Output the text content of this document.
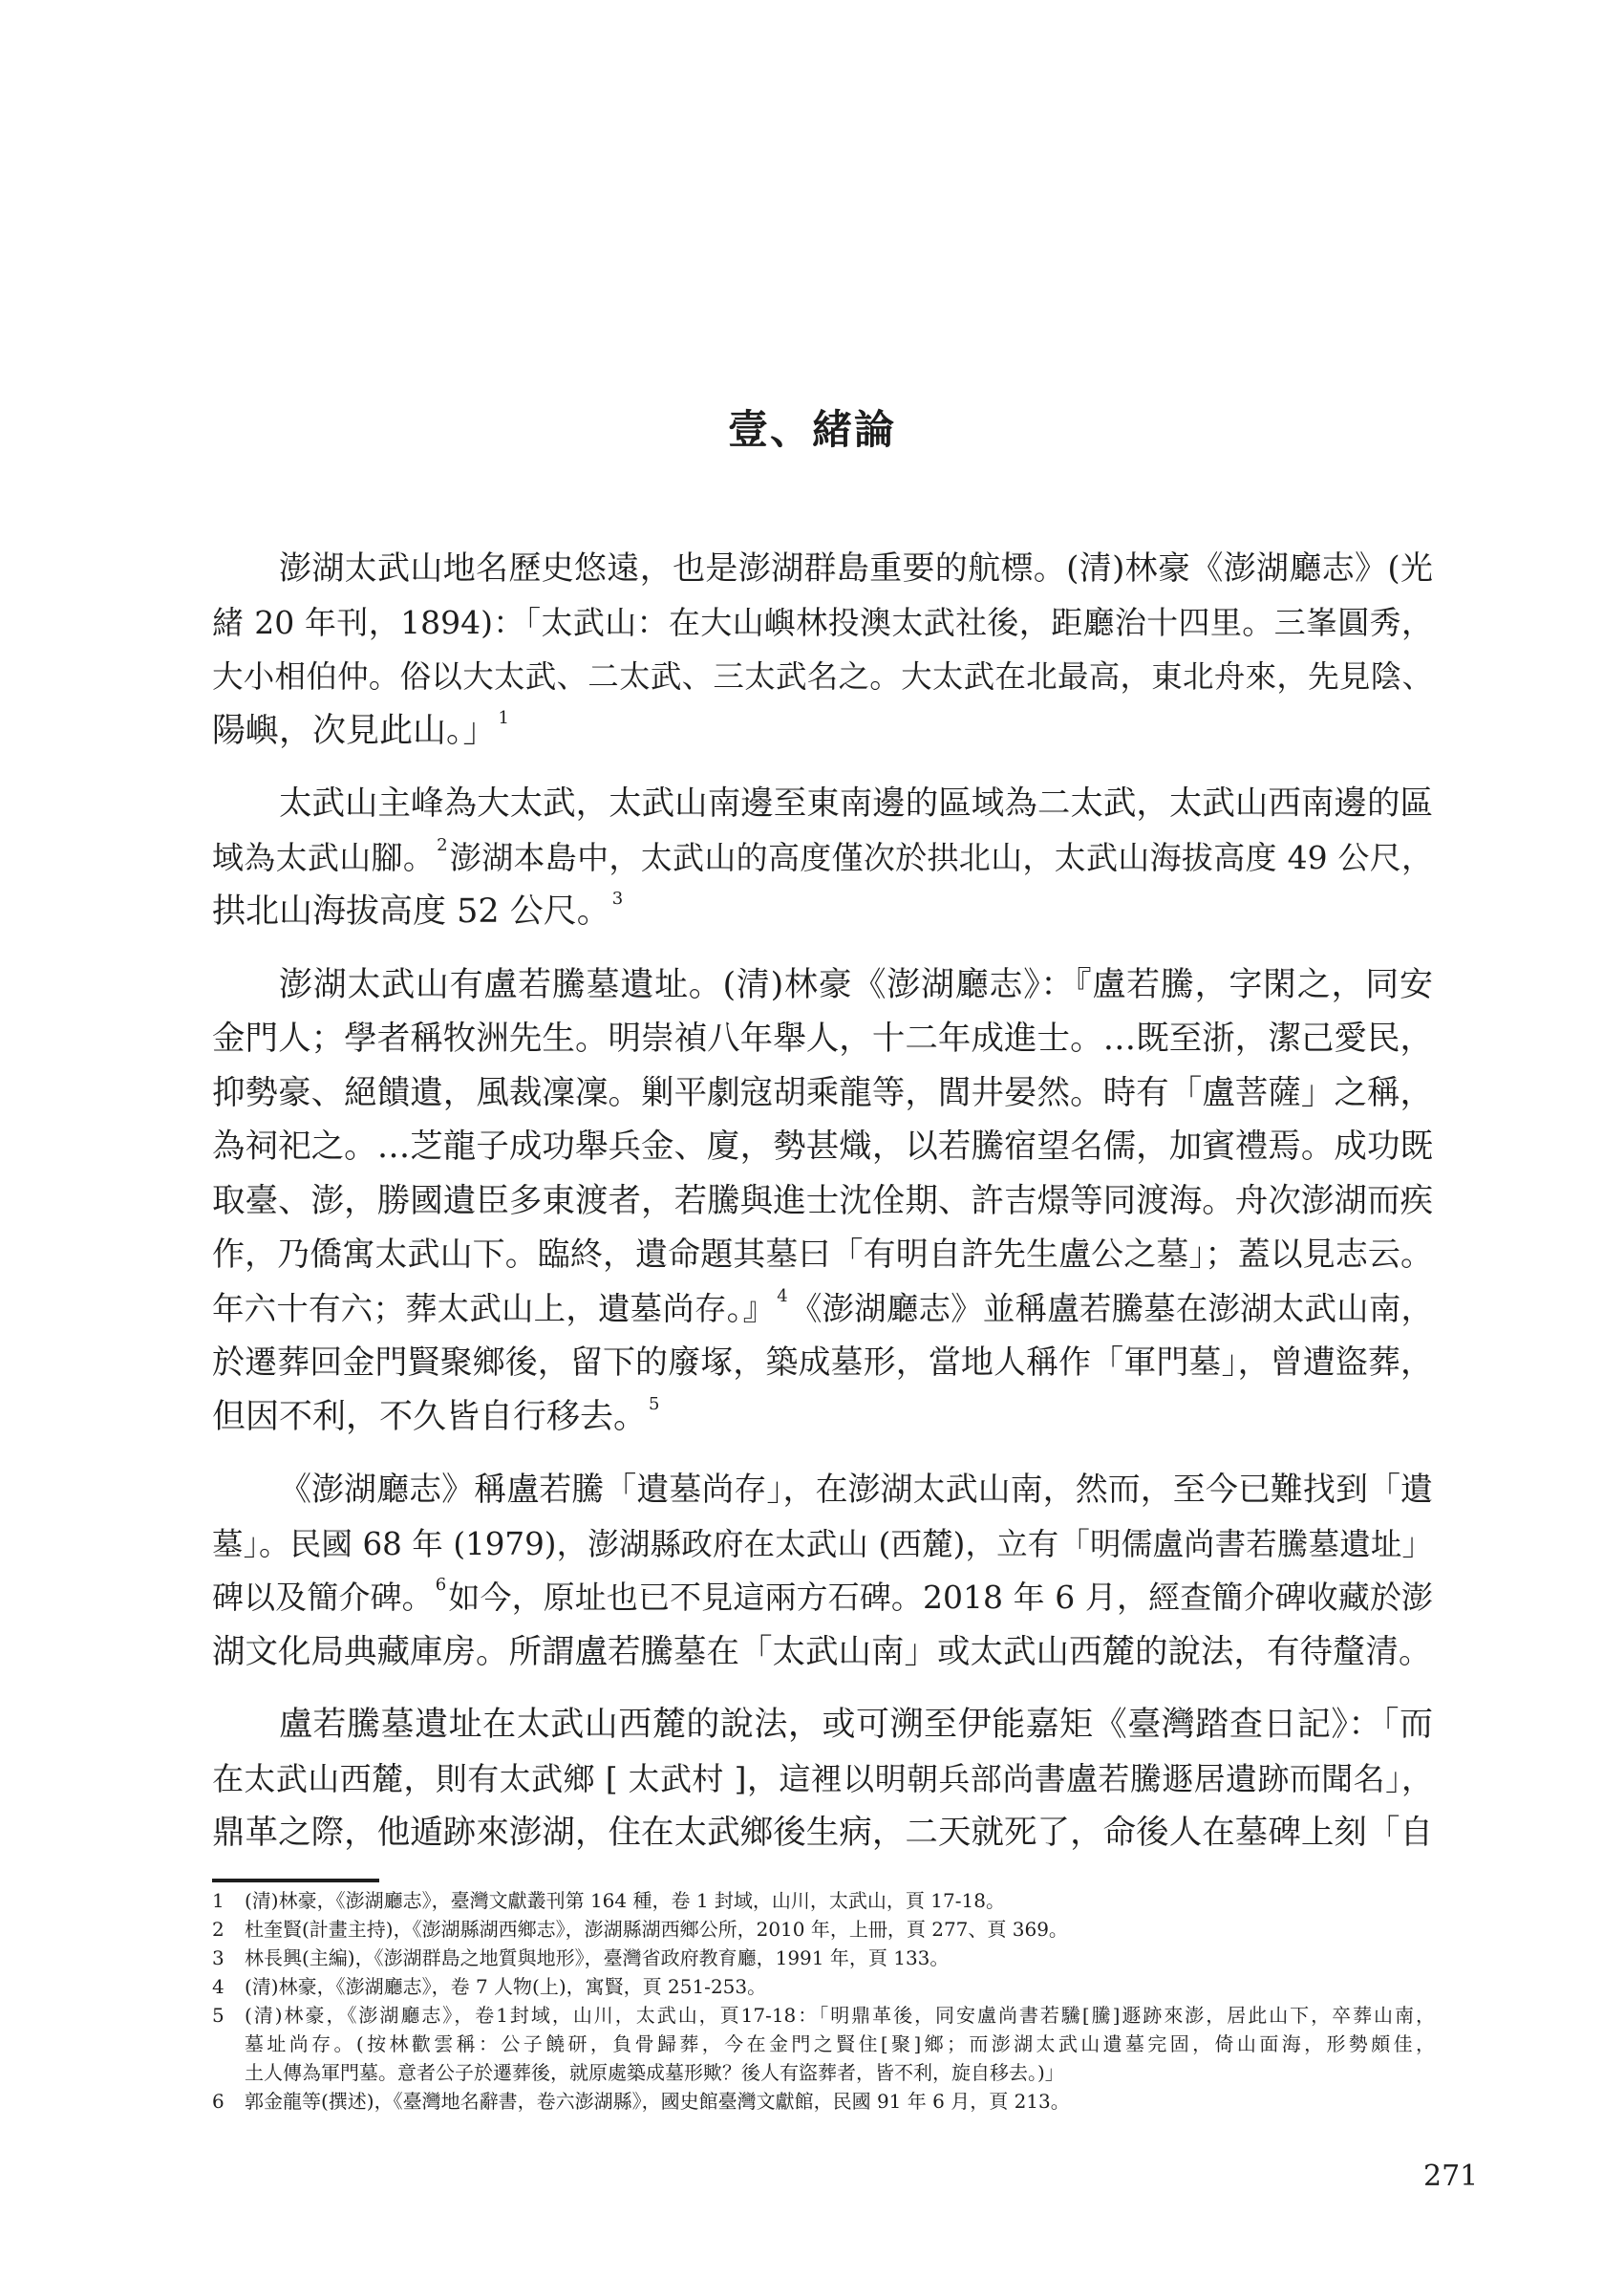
壹、緒論
澎湖太武山地名歷史悠遠，也是澎湖群島重要的航標。(清)林豪《澎湖廳志》(光
緒 20 年刊，1894)：「太武山：在大山嶼林投澳太武社後，距廳治十四里。三峯圓秀，
大小相伯仲。俗以大太武、二太武、三太武名之。大太武在北最高，東北舟來，先見陰、
陽嶼，次見此山。」 $^1$
太武山主峰為大太武，太武山南邊至東南邊的區域為二太武，太武山西南邊的區
域為太武山腳。 $^2$澎湖本島中，太武山的高度僅次於拱北山，太武山海拔高度 49 公尺，
拱北山海拔高度 52 公尺。 $^3$
澎湖太武山有盧若騰墓遺址。(清)林豪《澎湖廳志》：『盧若騰，字閑之，同安
金門人；學者稱牧洲先生。明崇禎八年舉人，十二年成進士。…既至浙，潔己愛民，
抑勢豪、絕饋遺，風裁凜凜。剿平劇寇胡乘龍等，閭井晏然。時有「盧菩薩」之稱，
為祠祀之。…芝龍子成功舉兵金、廈，勢甚熾，以若騰宿望名儒，加賓禮焉。成功既
取臺、澎，勝國遺臣多東渡者，若騰與進士沈佺期、許吉燝等同渡海。舟次澎湖而疾
作，乃僑寓太武山下。臨終，遺命題其墓曰「有明自許先生盧公之墓」；蓋以見志云。
年六十有六；葬太武山上，遺墓尚存。』 $^4$《澎湖廳志》並稱盧若騰墓在澎湖太武山南，
於遷葬回金門賢聚鄉後，留下的廢塚，築成墓形，當地人稱作「軍門墓」，曾遭盜葬，
但因不利，不久皆自行移去。 $^5$
《澎湖廳志》稱盧若騰「遺墓尚存」，在澎湖太武山南，然而，至今已難找到「遺
墓」。民國 68 年 (1979)，澎湖縣政府在太武山 (西麓)，立有「明儒盧尚書若騰墓遺址」
碑以及簡介碑。 $^6$如今，原址也已不見這兩方石碑。2018 年 6 月，經查簡介碑收藏於澎
湖文化局典藏庫房。所謂盧若騰墓在「太武山南」或太武山西麓的說法，有待釐清。
盧若騰墓遺址在太武山西麓的說法，或可溯至伊能嘉矩《臺灣踏查日記》：「而
在太武山西麓，則有太武鄉 [ 太武村 ]，這裡以明朝兵部尚書盧若騰遯居遺跡而聞名」，
鼎革之際，他遁跡來澎湖，住在太武鄉後生病，二天就死了，命後人在墓碑上刻「自
1 (清)林豪，《澎湖廳志》，臺灣文獻叢刊第 164 種，卷 1 封域，山川，太武山，頁 17-18。
2 杜奎賢(計畫主持)，《澎湖縣湖西鄉志》，澎湖縣湖西鄉公所，2010 年，上冊，頁 277、頁 369。
3 林長興(主編)，《澎湖群島之地質與地形》，臺灣省政府教育廳，1991 年，頁 133。
4 (清)林豪，《澎湖廳志》，卷 7 人物(上)，寓賢，頁 251-253。
5 (清)林豪，《澎湖廳志》，卷1封域，山川，太武山，頁17-18：「明鼎革後，同安盧尚書若驣[騰]遯跡來澎，居此山下，卒葬山南，
墓址尚存。(按林歡雲稱：公子饒研，負骨歸葬，今在金門之賢住[聚]鄉；而澎湖太武山遺墓完固，倚山面海，形勢頗佳，
土人傳為軍門墓。意者公子於遷葬後，就原處築成墓形歟？後人有盜葬者，皆不利，旋自移去。)」
6 郭金龍等(撰述)，《臺灣地名辭書，卷六澎湖縣》，國史館臺灣文獻館，民國 91 年 6 月，頁 213。
271
